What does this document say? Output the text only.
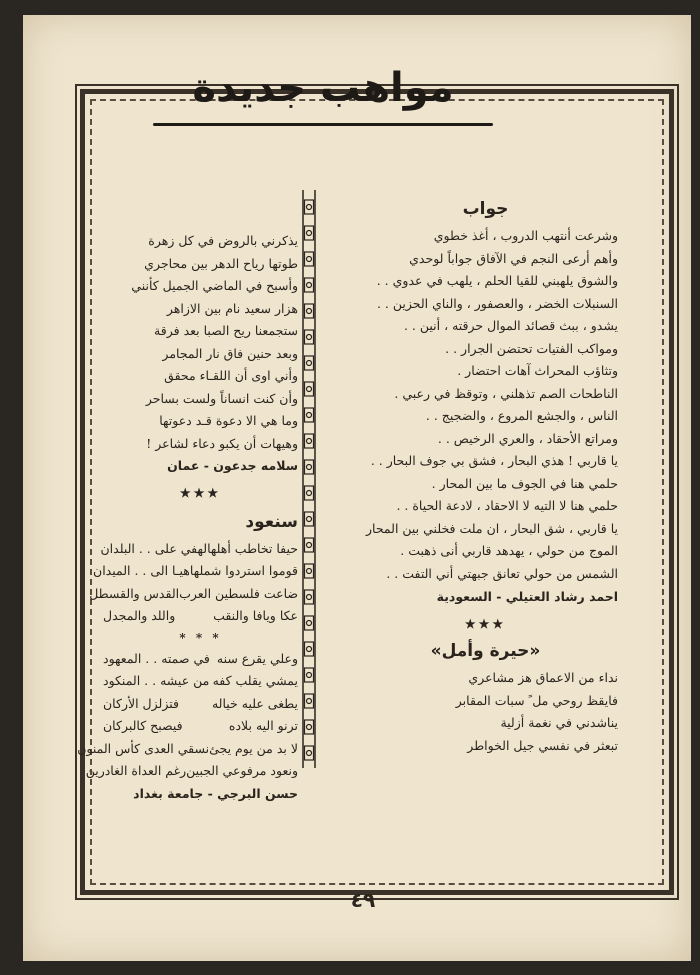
مواهب جديدة
جواب
وشرعت أنتهب الدروب ، أغذ خطوي
وأهم أرعى النجم في الآفاق جواباً لوحدي
والشوق يلهبني للقيا الحلم ، يلهب في عدوي . .
السنبلات الخضر ، والعصفور ، والناي الحزين . .
يشدو ، ببث قصائد الموال حرقته ، أنين . .
ومواكب الفتيات تحتضن الجرار . .
وتثاؤب المحراث آهات احتضار .
الناطحات الصم تذهلني ، وتوقظ في رعبي .
الناس ، والجشع المروع ، والضجيج . .
ومراتع الأحقاد ، والعري الرخيص . .
يا قاربي ! هذي البحار ، فشق بي جوف البحار . .
حلمي هنا في الجوف ما بين المحار .
حلمي هنا لا التيه لا الاحقاد ، لادعة الحياة . .
يا قاربي ، شق البحار ، ان ملت فخلني بين المحار
الموج من حولي ، يهدهد قاربي أنى ذهبت .
الشمس من حولي تعانق جبهتي أني التفت . .
احمد رشاد العتيلي - السعودية
★★★
«حيرة وأمل»
نداء من الاعماق هز مشاعري
فايقظ روحي مل ً سبات المقابر
يناشدني في نغمة أزلية
تبعثر في نفسي جيل الخواطر
يذكرني بالروض في كل زهرة
طوتها رياح الدهر بين محاجري
وأسبح في الماضي الجميل كأنني
هزار سعيد نام بين الازاهر
ستجمعنا ريح الصبا بعد فرقة
وبعد حنين فاق نار المجامر
وأني اوى أن اللقـاء محقق
وأن كنت انساناً ولست بساحر
وما هي الا دعوة قـد دعوتها
وهيهات أن يكبو دعاء لشاعر !
سلامه جدعون - عمان
★★★
سنعود
حيفا تخاطب أهلها
لهفي على . . البلدان
قوموا استردوا شملها
هيـا الى . . الميدان
ضاعت فلسطين العرب
القدس والقسطل
عكا ويافا والنقب
واللد والمجدل
* * *
وعلي يقرع سنه
في صمته . . المعهود
يمشي يقلب كفه
من عيشه . . المنكود
يطغى عليه خياله
فتزلزل الأركان
ترنو اليه بلاده
فيصبح كالبركان
لا بد من يوم يجئ
نسقي العدى كأس المنون
ونعود مرفوعي الجبين
رغم العداة الغادرين
حسن البرجي - جامعة بغداد
٤٩
